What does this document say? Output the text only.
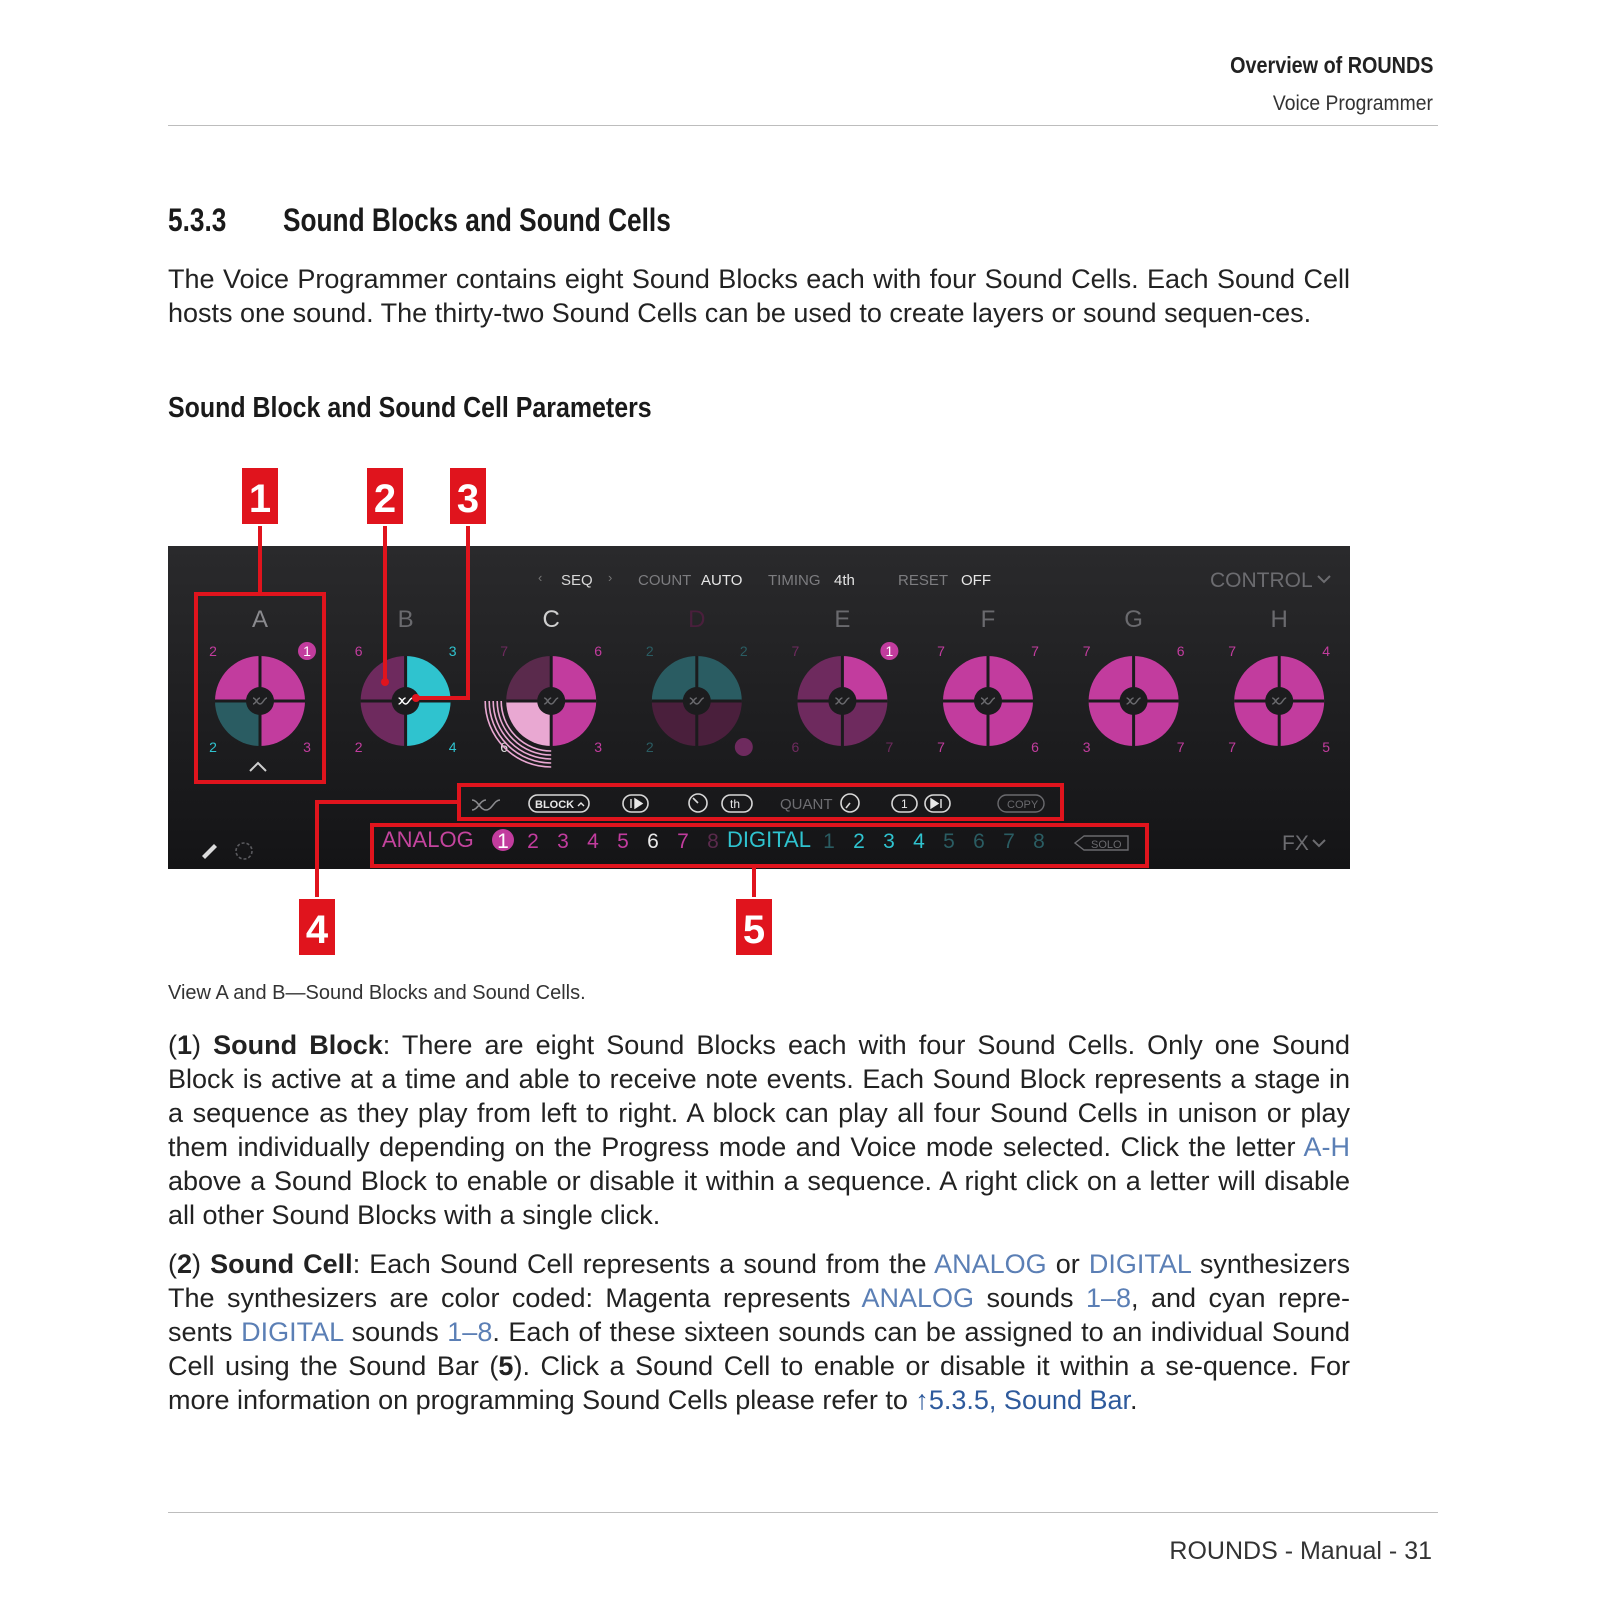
Overview of ROUNDS
Voice Programmer
5.3.3 Sound Blocks and Sound Cells
The Voice Programmer contains eight Sound Blocks each with four Sound Cells. Each Sound Cell hosts one sound. The thirty-two Sound Cells can be used to create layers or sound sequen-ces.
Sound Block and Sound Cell Parameters
‹ SEQ › COUNT AUTO TIMING 4th	RESET OFF	CONTROL
A
2	1
2	3
B
6	3
2	4
C
7	6
6	3
D
2	2
2	1
E
7	1
6	7
F
7	7
7	6
G
7	6
3	7
H
7	4
7	5
BLOCK	th	QUANT	1	COPY
ANALOG 1 2 3 4 5 6 7 8 DIGITAL 1 2 3 4 5 6 7 8	SOLO	FX
1	2 3
4	5
View A and B—Sound Blocks and Sound Cells.
(1) Sound Block: There are eight Sound Blocks each with four Sound Cells. Only one Sound Block is active at a time and able to receive note events. Each Sound Block represents a stage in a sequence as they play from left to right. A block can play all four Sound Cells in unison or play them individually depending on the Progress mode and Voice mode selected. Click the letter A-H above a Sound Block to enable or disable it within a sequence. A right click on a letter will disable all other Sound Blocks with a single click.
(2) Sound Cell: Each Sound Cell represents a sound from the ANALOG or DIGITAL synthesizers The synthesizers are color coded: Magenta represents ANALOG sounds 1–8, and cyan repre-sents DIGITAL sounds 1–8. Each of these sixteen sounds can be assigned to an individual Sound Cell using the Sound Bar (5). Click a Sound Cell to enable or disable it within a se-quence. For more information on programming Sound Cells please refer to ↑5.3.5, Sound Bar.
ROUNDS - Manual - 31
